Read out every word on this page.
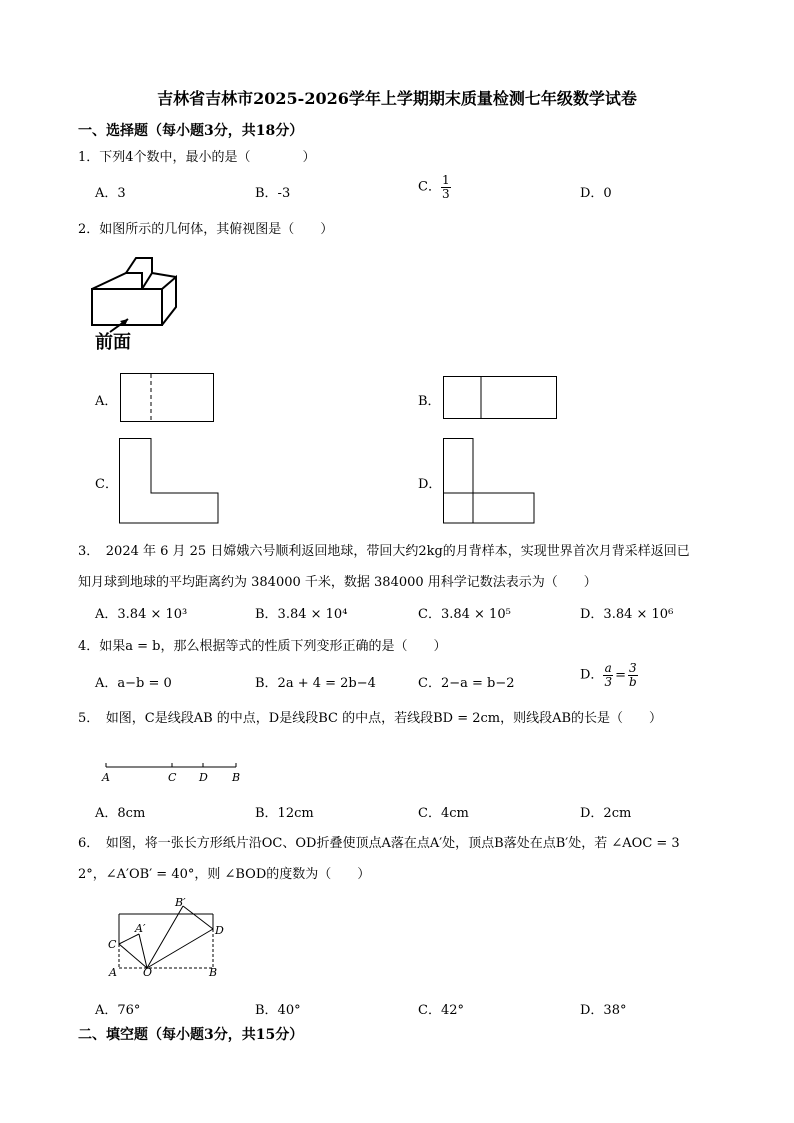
吉林省吉林市2025-2026学年上学期期末质量检测七年级数学试卷
一、选择题（每小题3分，共18分）
1．下列4个数中，最小的是（　　　　）
A．3	B．-3	C． $\frac{1}{3}$	D．0
2．如图所示的几何体，其俯视图是（　　）
前面
A．	B．
C．	D．
3．　2024 年 6 月 25 日嫦娥六号顺利返回地球，带回大约2kg的月背样本，实现世界首次月背采样返回已
知月球到地球的平均距离约为 384000 千米，数据 384000 用科学记数法表示为（　　）
A．3.84 × 10³	B．3.84 × 10⁴	C．3.84 × 10⁵	D．3.84 × 10⁶
4．如果a = b，那么根据等式的性质下列变形正确的是（　　）
A．a−b = 0	B．2a + 4 = 2b−4	C．2−a = b−2
D． $\frac{a}{3} = \frac{3}{b}$
5．　如图，C是线段AB 的中点，D是线段BC 的中点，若线段BD = 2cm，则线段AB的长是（　　）
A	C D B
A．8cm	B．12cm	C．4cm	D．2cm
6．　如图，将一张长方形纸片沿OC、OD折叠使顶点A落在点A′处，顶点B落处在点B′处，若 ∠AOC = 3
2°，∠A′OB′ = 40°，则 ∠BOD的度数为（　　）
A	B
C
D
O
A′
B′
A．76°	B．40°	C．42°	D．38°
二、填空题（每小题3分，共15分）
